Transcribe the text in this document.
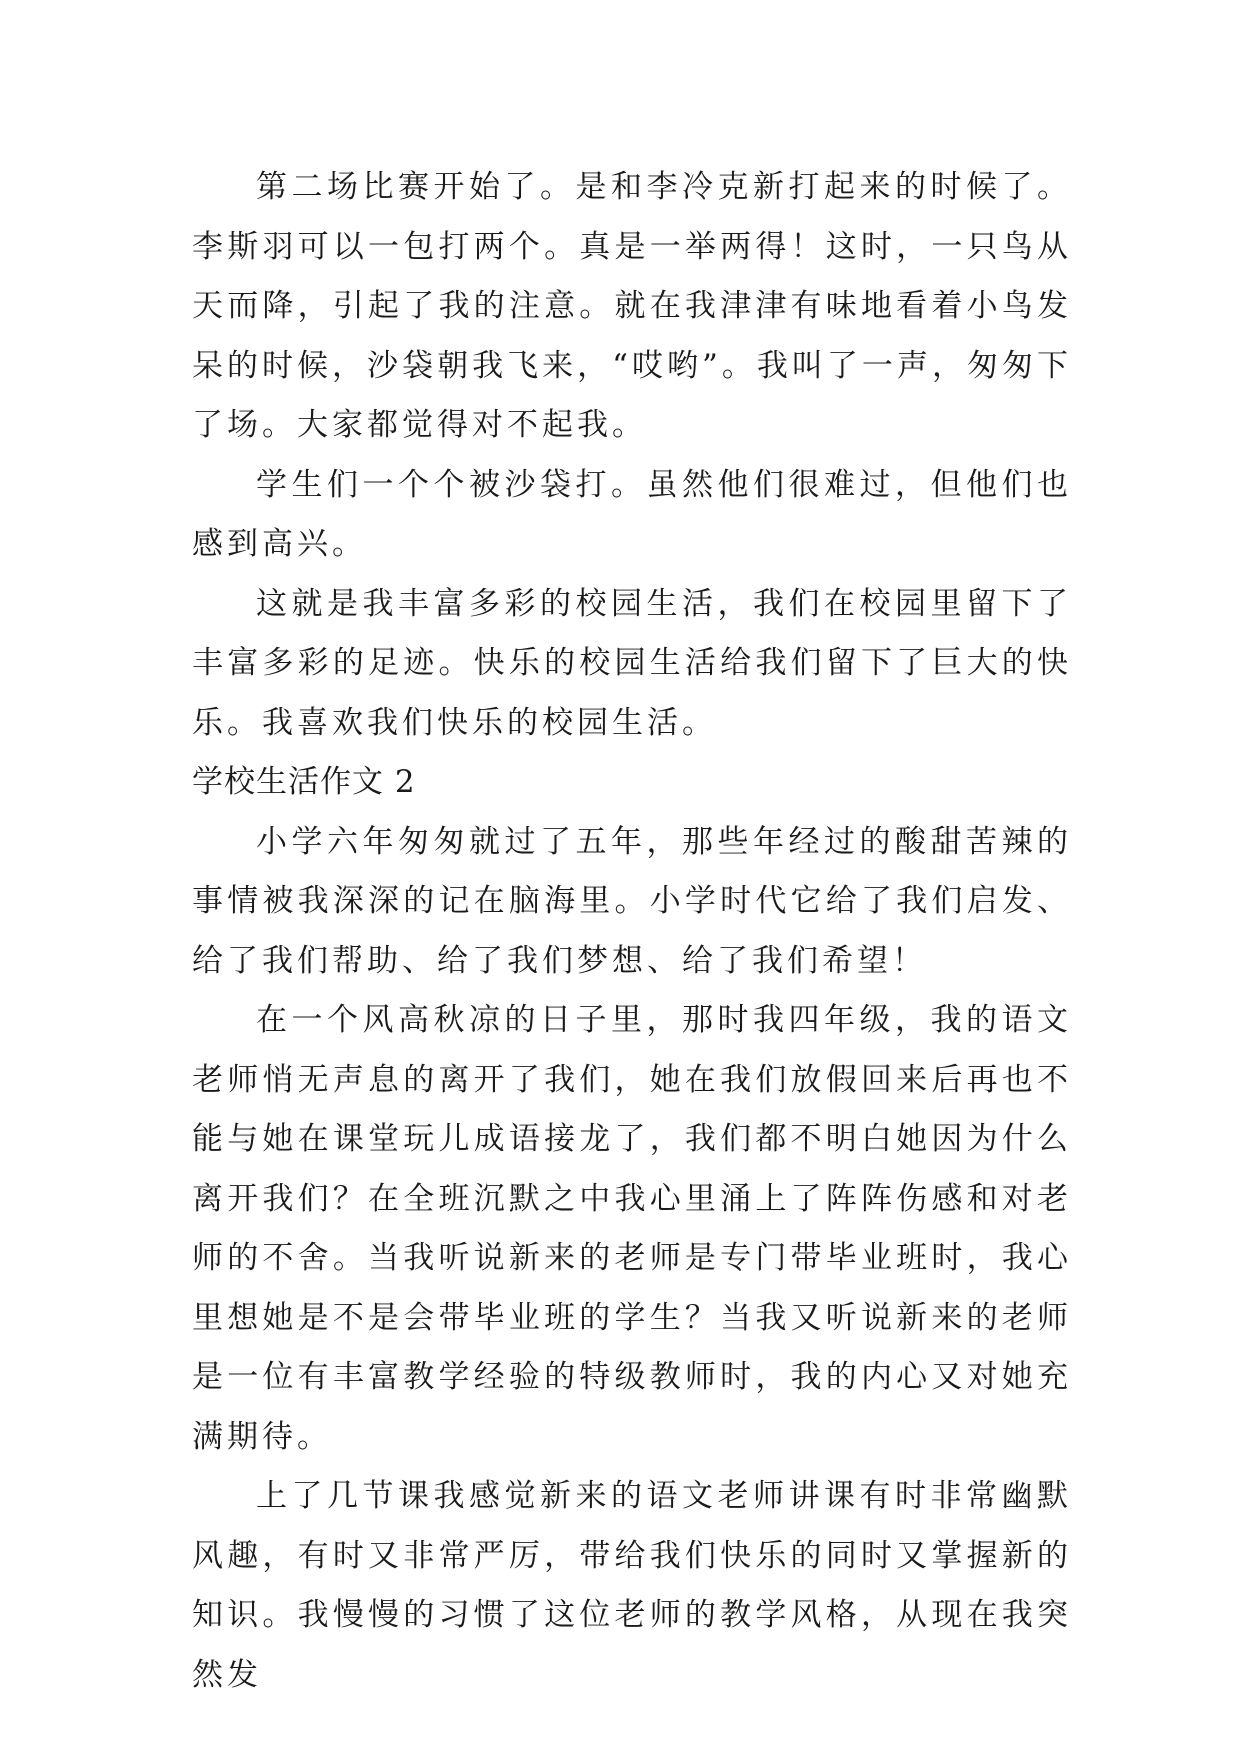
第二场比赛开始了。是和李冷克新打起来的时候了。李斯羽可以一包打两个。真是一举两得！这时，一只鸟从天而降，引起了我的注意。就在我津津有味地看着小鸟发呆的时候，沙袋朝我飞来，“哎哟”。我叫了一声，匆匆下了场。大家都觉得对不起我。

学生们一个个被沙袋打。虽然他们很难过，但他们也感到高兴。

这就是我丰富多彩的校园生活，我们在校园里留下了丰富多彩的足迹。快乐的校园生活给我们留下了巨大的快乐。我喜欢我们快乐的校园生活。

学校生活作文 2

小学六年匆匆就过了五年，那些年经过的酸甜苦辣的事情被我深深的记在脑海里。小学时代它给了我们启发、给了我们帮助、给了我们梦想、给了我们希望！

在一个风高秋凉的日子里，那时我四年级，我的语文老师悄无声息的离开了我们，她在我们放假回来后再也不能与她在课堂玩儿成语接龙了，我们都不明白她因为什么离开我们？在全班沉默之中我心里涌上了阵阵伤感和对老师的不舍。当我听说新来的老师是专门带毕业班时，我心里想她是不是会带毕业班的学生？当我又听说新来的老师是一位有丰富教学经验的特级教师时，我的内心又对她充满期待。

上了几节课我感觉新来的语文老师讲课有时非常幽默风趣，有时又非常严厉，带给我们快乐的同时又掌握新的知识。我慢慢的习惯了这位老师的教学风格，从现在我突然发
